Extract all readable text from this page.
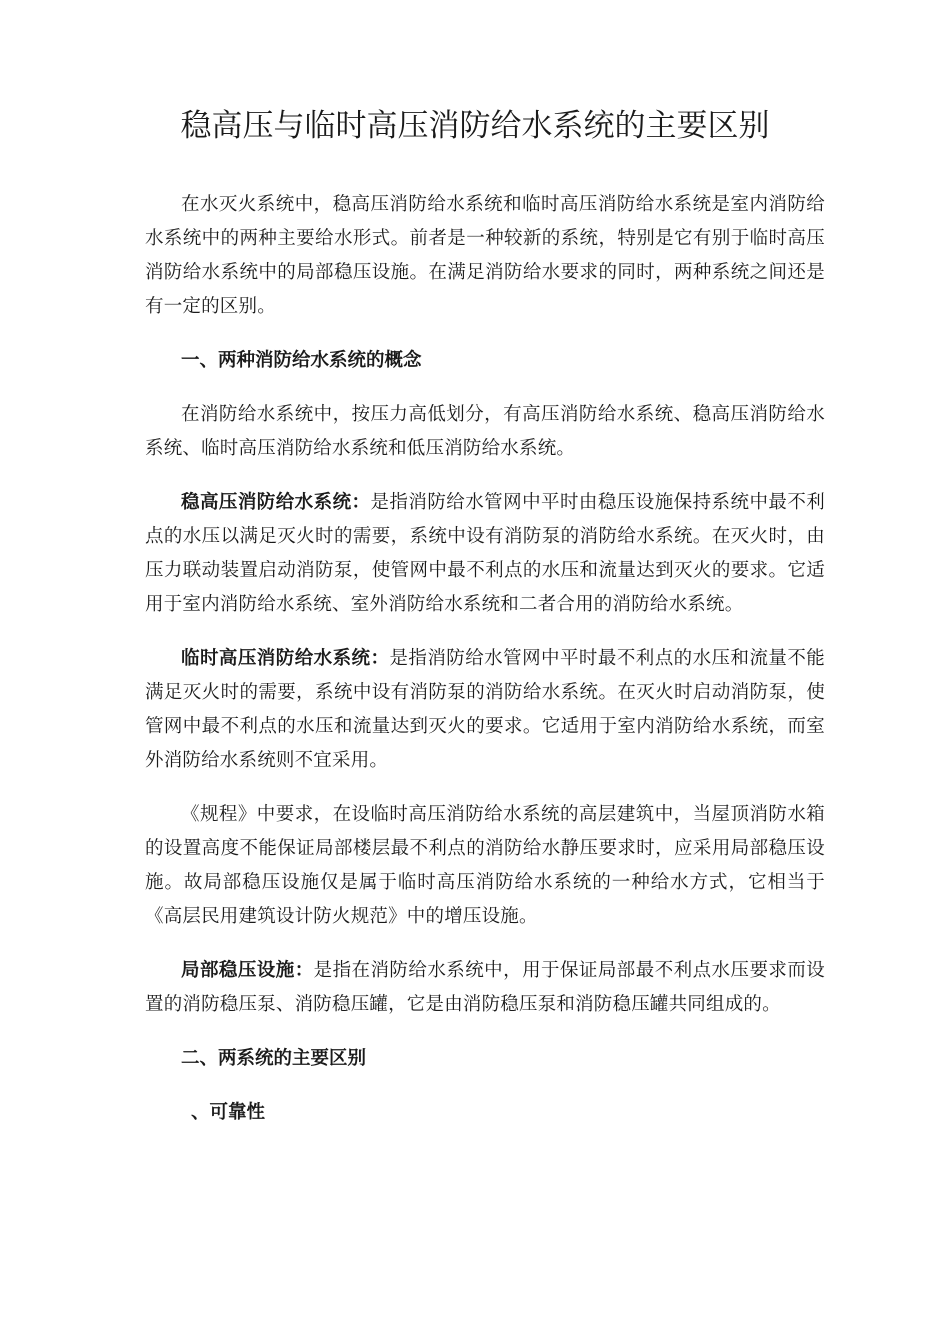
稳高压与临时高压消防给水系统的主要区别

在水灭火系统中，稳高压消防给水系统和临时高压消防给水系统是室内消防给水系统中的两种主要给水形式。前者是一种较新的系统，特别是它有别于临时高压消防给水系统中的局部稳压设施。在满足消防给水要求的同时，两种系统之间还是有一定的区别。

一、两种消防给水系统的概念

在消防给水系统中，按压力高低划分，有高压消防给水系统、稳高压消防给水系统、临时高压消防给水系统和低压消防给水系统。

稳高压消防给水系统：是指消防给水管网中平时由稳压设施保持系统中最不利点的水压以满足灭火时的需要，系统中设有消防泵的消防给水系统。在灭火时，由压力联动装置启动消防泵，使管网中最不利点的水压和流量达到灭火的要求。它适用于室内消防给水系统、室外消防给水系统和二者合用的消防给水系统。

临时高压消防给水系统：是指消防给水管网中平时最不利点的水压和流量不能满足灭火时的需要，系统中设有消防泵的消防给水系统。在灭火时启动消防泵，使管网中最不利点的水压和流量达到灭火的要求。它适用于室内消防给水系统，而室外消防给水系统则不宜采用。

《规程》中要求，在设临时高压消防给水系统的高层建筑中，当屋顶消防水箱的设置高度不能保证局部楼层最不利点的消防给水静压要求时，应采用局部稳压设施。故局部稳压设施仅是属于临时高压消防给水系统的一种给水方式，它相当于《高层民用建筑设计防火规范》中的增压设施。

局部稳压设施：是指在消防给水系统中，用于保证局部最不利点水压要求而设置的消防稳压泵、消防稳压罐，它是由消防稳压泵和消防稳压罐共同组成的。

二、两系统的主要区别

、可靠性
